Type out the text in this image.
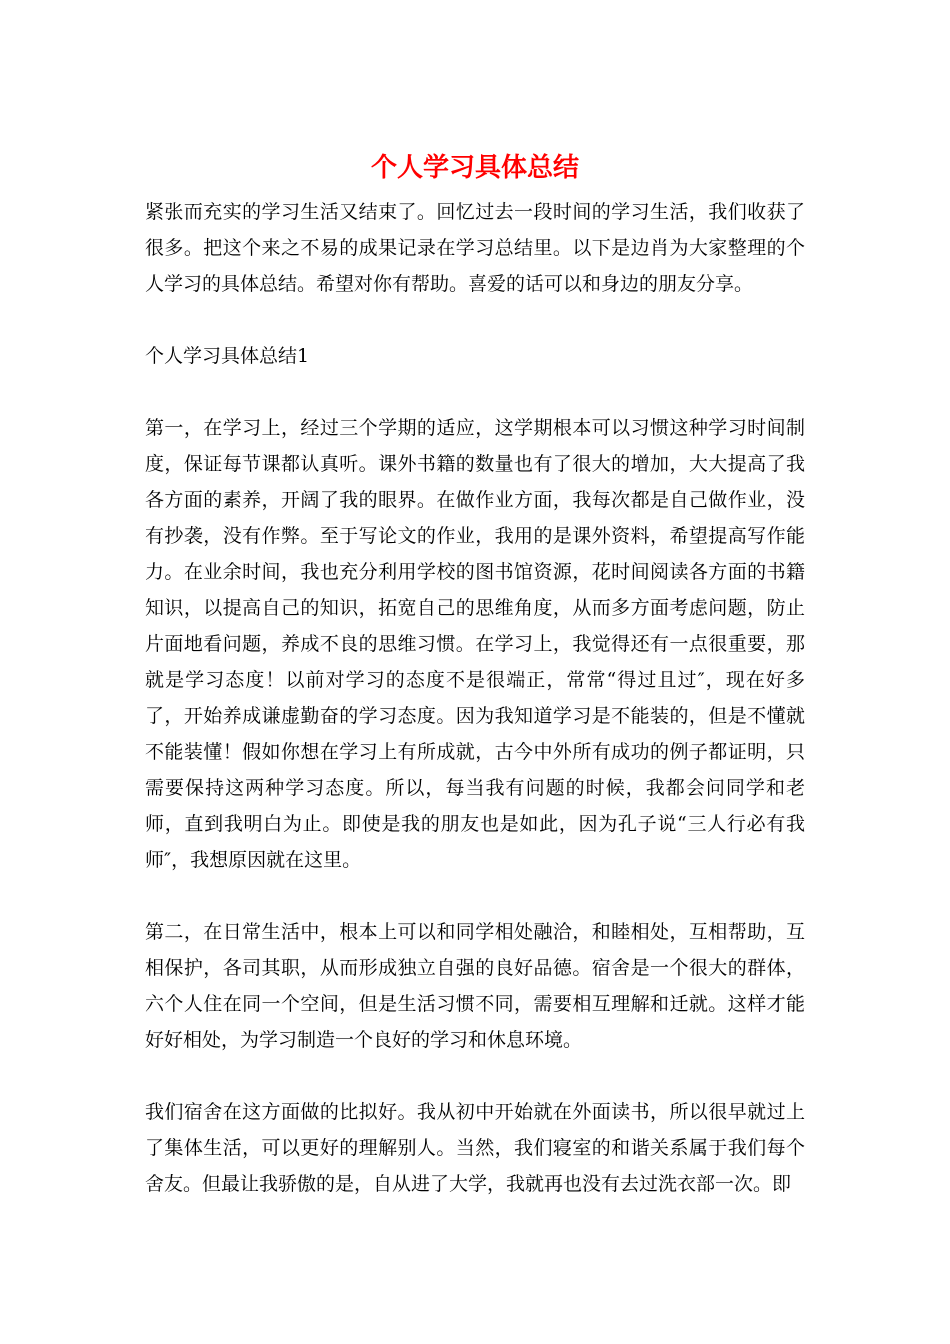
个人学习具体总结

紧张而充实的学习生活又结束了。回忆过去一段时间的学习生活，我们收获了很多。把这个来之不易的成果记录在学习总结里。以下是边肖为大家整理的个人学习的具体总结。希望对你有帮助。喜爱的话可以和身边的朋友分享。

个人学习具体总结1

第一，在学习上，经过三个学期的适应，这学期根本可以习惯这种学习时间制度，保证每节课都认真听。课外书籍的数量也有了很大的增加，大大提高了我各方面的素养，开阔了我的眼界。在做作业方面，我每次都是自己做作业，没有抄袭，没有作弊。至于写论文的作业，我用的是课外资料，希望提高写作能力。在业余时间，我也充分利用学校的图书馆资源，花时间阅读各方面的书籍知识，以提高自己的知识，拓宽自己的思维角度，从而多方面考虑问题，防止片面地看问题，养成不良的思维习惯。在学习上，我觉得还有一点很重要，那就是学习态度！以前对学习的态度不是很端正，常常“得过且过″，现在好多了，开始养成谦虚勤奋的学习态度。因为我知道学习是不能装的，但是不懂就不能装懂！假如你想在学习上有所成就，古今中外所有成功的例子都证明，只需要保持这两种学习态度。所以，每当我有问题的时候，我都会问同学和老师，直到我明白为止。即使是我的朋友也是如此，因为孔子说“三人行必有我师″，我想原因就在这里。

第二，在日常生活中，根本上可以和同学相处融洽，和睦相处，互相帮助，互相保护，各司其职，从而形成独立自强的良好品德。宿舍是一个很大的群体，六个人住在同一个空间，但是生活习惯不同，需要相互理解和迁就。这样才能好好相处，为学习制造一个良好的学习和休息环境。

我们宿舍在这方面做的比拟好。我从初中开始就在外面读书，所以很早就过上了集体生活，可以更好的理解别人。当然，我们寝室的和谐关系属于我们每个舍友。但最让我骄傲的是，自从进了大学，我就再也没有去过洗衣部一次。即
